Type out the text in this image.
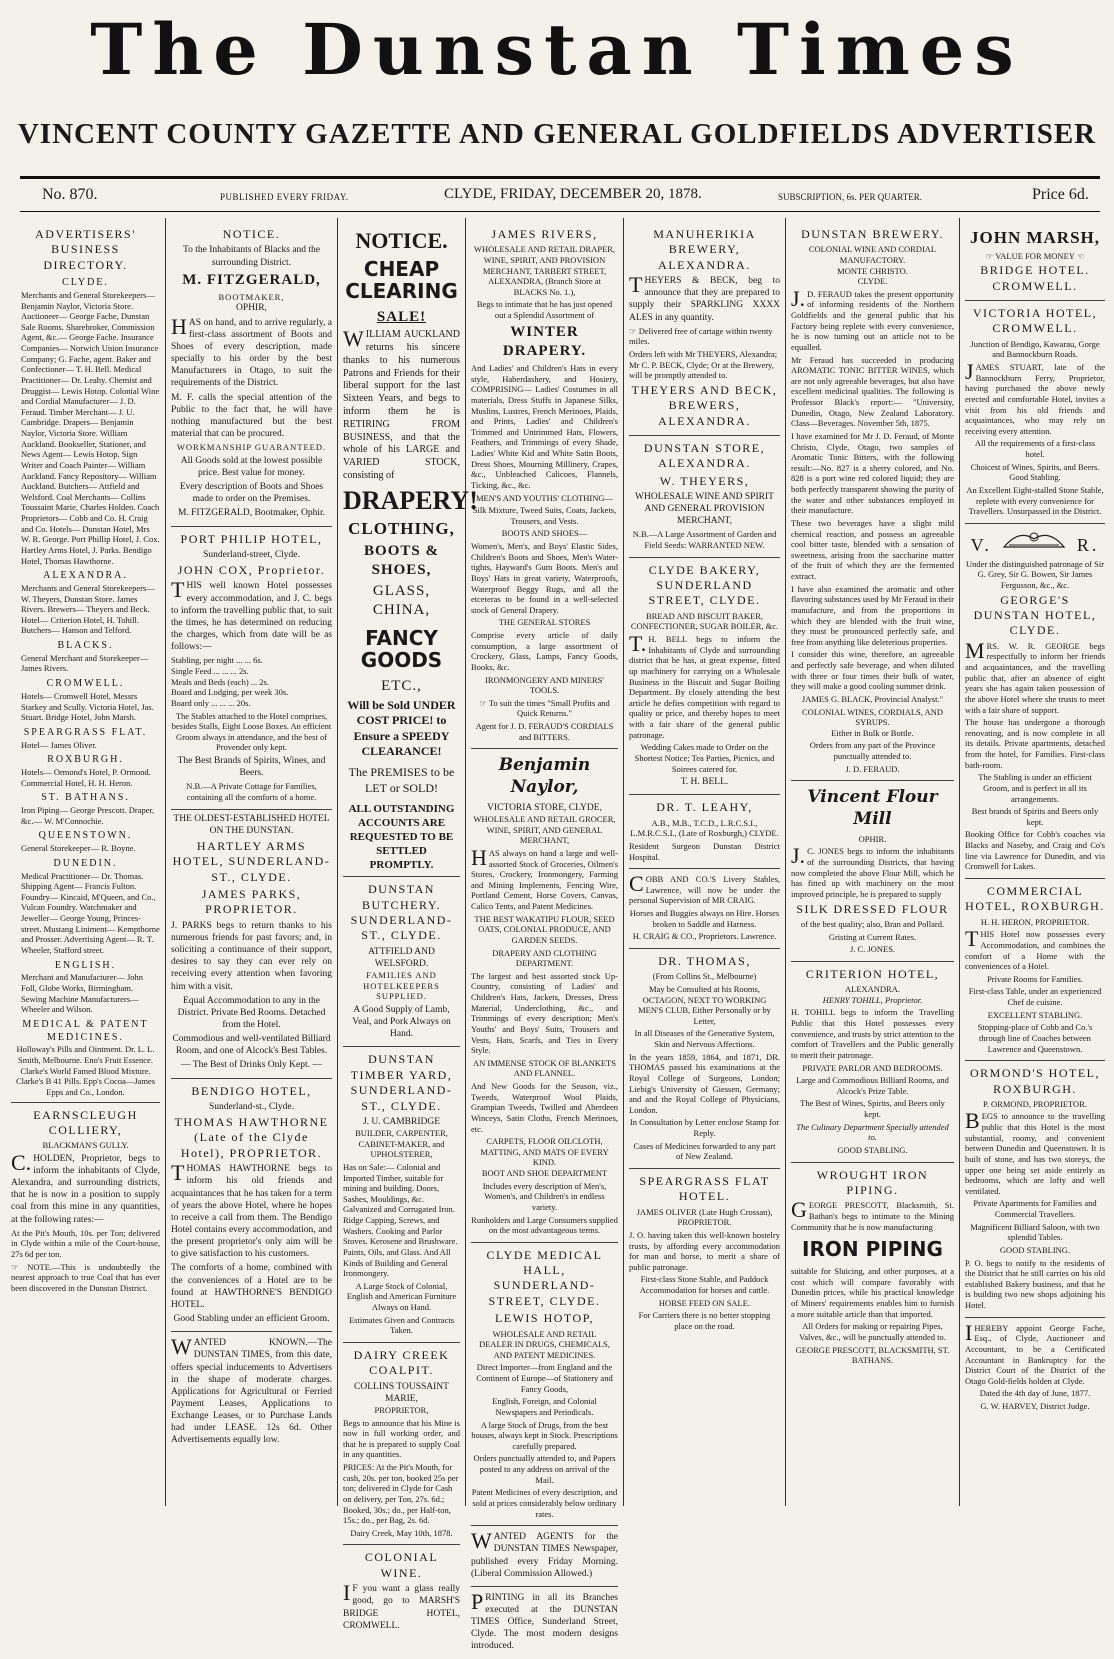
The Dunstan Times
VINCENT COUNTY GAZETTE AND GENERAL GOLDFIELDS ADVERTISER
No. 870.	PUBLISHED EVERY FRIDAY.	CLYDE, FRIDAY, DECEMBER 20, 1878.	SUBSCRIPTION, 6s. PER QUARTER.	Price 6d.
ADVERTISERS' BUSINESS DIRECTORY.
CLYDE.
Merchants and General Storekeepers— Benjamin Naylor, Victoria Store. Auctioneer— George Fache, Dunstan Sale Rooms. Sharebroker, Commission Agent, &c.— George Fache. Insurance Companies— Norwich Union Insurance Company; G. Fache, agent. Baker and Confectioner— T. H. Bell. Medical Practitioner— Dr. Leahy. Chemist and Druggist— Lewis Hotop. Colonial Wine and Cordial Manufacturer— J. D. Feraud. Timber Merchant— J. U. Cambridge. Drapers— Benjamin Naylor, Victoria Store. William Auckland. Bookseller, Stationer, and News Agent— Lewis Hotop. Sign Writer and Coach Painter— William Auckland. Fancy Repository— William Auckland. Butchers— Attfield and Welsford. Coal Merchants— Collins Toussaint Marie, Charles Holden. Coach Proprietors— Cobb and Co. H. Craig and Co. Hotels— Dunstan Hotel, Mrs W. R. George. Port Phillip Hotel, J. Cox. Hartley Arms Hotel, J. Parks. Bendigo Hotel, Thomas Hawthorne.
ALEXANDRA.
Merchants and General Storekeepers— W. Theyers, Dunstan Store. James Rivers. Brewers— Theyers and Beck. Hotel— Criterion Hotel, H. Tohill. Butchers— Hanson and Telford.
BLACKS.
General Merchant and Storekeeper— James Rivers.
CROMWELL.
Hotels— Cromwell Hotel, Messrs Starkey and Scully. Victoria Hotel, Jas. Stuart. Bridge Hotel, John Marsh.
SPEARGRASS FLAT.
Hotel— James Oliver.
ROXBURGH.
Hotels— Ormond's Hotel, P. Ormond. Commercial Hotel, H. H. Heron.
ST. BATHANS.
Iron Piping— George Prescott. Draper, &c.— W. M'Connochie.
QUEENSTOWN.
General Storekeeper— R. Boyne.
DUNEDIN.
Medical Practitioner— Dr. Thomas. Shipping Agent— Francis Fulton. Foundry— Kincaid, M'Queen, and Co., Vulcan Foundry. Watchmaker and Jeweller— George Young, Princes-street. Mustang Liniment— Kempthorne and Prosser. Advertising Agent— R. T. Wheeler, Stafford street.
ENGLISH.
Merchant and Manufacturer— John Foll, Globe Works, Birmingham. Sewing Machine Manufacturers— Wheeler and Wilson.
MEDICAL & PATENT MEDICINES.
Holloway's Pills and Ointment. Dr. L. L. Smith, Melbourne. Eno's Fruit Essence. Clarke's World Famed Blood Mixture. Clarke's B 41 Pills. Epp's Cocoa—James Epps and Co., London.
EARNSCLEUGH COLLIERY,
BLACKMAN'S GULLY.

C.HOLDEN, Proprietor, begs to inform the inhabitants of Clyde, Alexandra, and surrounding districts, that he is now in a position to supply coal from this mine in any quantities, at the following rates:—

At the Pit's Mouth, 10s. per Ton; delivered in Clyde within a mile of the Court-house, 27s 6d per ton.

☞ NOTE.—This is undoubtedly the nearest approach to true Coal that has ever been discovered in the Dunstan District.

NOTICE.
To the Inhabitants of Blacks and the surrounding District.
M. FITZGERALD,
BOOTMAKER,
OPHIR,

HAS on hand, and to arrive regularly, a first-class assortment of Boots and Shoes of every description, made specially to his order by the best Manufacturers in Otago, to suit the requirements of the District.

M. F. calls the special attention of the Public to the fact that, he will have nothing manufactured but the best material that can be procured.

WORKMANSHIP GUARANTEED.

All Goods sold at the lowest possible price. Best value for money.

Every description of Boots and Shoes made to order on the Premises.

M. FITZGERALD, Bootmaker, Ophir.

PORT PHILIP HOTEL,
Sunderland-street, Clyde.
JOHN COX, Proprietor.

THIS well known Hotel possesses every accommodation, and J. C. begs to inform the travelling public that, to suit the times, he has determined on reducing the charges, which from date will be as follows:—

Stabling, per night ... ... 6s.
Single Feed ... ... ... 2s.
Meals and Beds (each) ... 2s.
Board and Lodging, per week 30s.
Board only ... ... ... 20s.

The Stables attached to the Hotel comprises, besides Stalls, Eight Loose Boxes. An efficient Groom always in attendance, and the best of Provender only kept.

The Best Brands of Spirits, Wines, and Beers.

N.B.—A Private Cottage for Families, containing all the comforts of a home.

THE OLDEST-ESTABLISHED HOTEL ON THE DUNSTAN.
HARTLEY ARMS HOTEL, SUNDERLAND-ST., CLYDE.
JAMES PARKS, PROPRIETOR.

J. PARKS begs to return thanks to his numerous friends for past favors; and, in soliciting a continuance of their support, desires to say they can ever rely on receiving every attention when favoring him with a visit.

Equal Accommodation to any in the District. Private Bed Rooms. Detached from the Hotel.

Commodious and well-ventilated Billiard Room, and one of Alcock's Best Tables.

— The Best of Drinks Only Kept. —

BENDIGO HOTEL,
Sunderland-st., Clyde.
THOMAS HAWTHORNE (Late of the Clyde Hotel), PROPRIETOR.

THOMAS HAWTHORNE begs to inform his old friends and acquaintances that he has taken for a term of years the above Hotel, where he hopes to receive a call from them. The Bendigo Hotel contains every accommodation, and the present proprietor's only aim will be to give satisfaction to his customers.

The comforts of a home, combined with the conveniences of a Hotel are to be found at HAWTHORNE'S BENDIGO HOTEL.

Good Stabling under an efficient Groom.

WANTED KNOWN.—The DUNSTAN TIMES, from this date, offers special inducements to Advertisers in the shape of moderate charges. Applications for Agricultural or Ferried Payment Leases, Applications to Exchange Leases, or to Purchase Lands had under LEASE. 12s 6d. Other Advertisements equally low.

NOTICE.
CHEAP CLEARING
SALE!

WILLIAM AUCKLAND returns his sincere thanks to his numerous Patrons and Friends for their liberal support for the last Sixteen Years, and begs to inform them he is RETIRING FROM BUSINESS, and that the whole of his LARGE and VARIED STOCK, consisting of

DRAPERY!
CLOTHING,
BOOTS & SHOES,
GLASS, CHINA,
FANCY GOODS
ETC.,
Will be Sold UNDER COST PRICE! to Ensure a SPEEDY CLEARANCE!
The PREMISES to be LET or SOLD!
ALL OUTSTANDING ACCOUNTS ARE REQUESTED TO BE SETTLED PROMPTLY.
DUNSTAN BUTCHERY. SUNDERLAND-ST., CLYDE.
ATTFIELD AND WELSFORD.
FAMILIES AND HOTELKEEPERS SUPPLIED.

A Good Supply of Lamb, Veal, and Pork Always on Hand.

DUNSTAN TIMBER YARD, SUNDERLAND-ST., CLYDE.
J. U. CAMBRIDGE
BUILDER, CARPENTER, CABINET-MAKER, and UPHOLSTERER,

Has on Sale:— Colonial and Imported Timber, suitable for mining and building. Doors, Sashes, Mouldings, &c. Galvanized and Corrugated Iron. Ridge Capping, Screws, and Washers. Cooking and Parlor Stoves. Kerosene and Brushware. Paints, Oils, and Glass. And All Kinds of Building and General Ironmongery.

A Large Stock of Colonial, English and American Furniture Always on Hand.

Estimates Given and Contracts Taken.

DAIRY CREEK COALPIT.
COLLINS TOUSSAINT MARIE,
PROPRIETOR,

Begs to announce that his Mine is now in full working order, and that he is prepared to supply Coal in any quantities.

PRICES: At the Pit's Mouth, for cash, 20s. per ton, booked 25s per ton; delivered in Clyde for Cash on delivery, per Ton, 27s. 6d.; Booked, 30s.; do., per Half-ton, 15s.; do., per Bag, 2s. 6d.

Dairy Creek, May 10th, 1878.

COLONIAL WINE.

IF you want a glass really good, go to MARSH'S BRIDGE HOTEL, CROMWELL.

JAMES RIVERS,
WHOLESALE AND RETAIL DRAPER, WINE, SPIRIT, AND PROVISION MERCHANT, TARBERT STREET, ALEXANDRA, (Branch Store at BLACKS No. 1.),

Begs to intimate that he has just opened out a Splendid Assortment of

WINTER DRAPERY.

And Ladies' and Children's Hats in every style, Haberdashery, and Hosiery, COMPRISING— Ladies' Costumes in all materials, Dress Stuffs in Japanese Silks, Muslins, Lustres, French Merinoes, Plaids, and Prints, Ladies' and Children's Trimmed and Untrimmed Hats, Flowers, Feathers, and Trimmings of every Shade, Ladies' White Kid and White Satin Boots, Dress Shoes, Mourning Millinery, Crapes, &c., Unbleached Calicoes, Flannels, Ticking, &c., &c.

MEN'S AND YOUTHS' CLOTHING—

Silk Mixture, Tweed Suits, Coats, Jackets, Trousers, and Vests.

BOOTS AND SHOES—

Women's, Men's, and Boys' Elastic Sides, Children's Boots and Shoes, Men's Water-tights, Hayward's Gum Boots. Men's and Boys' Hats in great variety, Waterproofs, Waterproof Beggy Rugs, and all the etceteras to be found in a well-selected stock of General Drapery.

THE GENERAL STORES

Comprise every article of daily consumption, a large assortment of Crockery, Glass, Lamps, Fancy Goods, Books, &c.

IRONMONGERY AND MINERS' TOOLS.

☞ To suit the times "Small Profits and Quick Returns."

Agent for J. D. FERAUD'S CORDIALS and BITTERS.

Benjamin Naylor,
VICTORIA STORE, CLYDE,
WHOLESALE AND RETAIL GROCER, WINE, SPIRIT, AND GENERAL MERCHANT,

HAS always on hand a large and well-assorted Stock of Groceries, Oilmen's Stores, Crockery, Ironmongery, Farming and Mining Implements, Fencing Wire, Portland Cement, Horse Covers, Canvas, Calico Tents, and Patent Medicines.

THE BEST WAKATIPU FLOUR, SEED OATS, COLONIAL PRODUCE, AND GARDEN SEEDS.

DRAPERY AND CLOTHING DEPARTMENT.

The largest and best assorted stock Up-Country, consisting of Ladies' and Children's Hats, Jackets, Dresses, Dress Material, Underclothing, &c., and Trimmings of every description; Men's Youths' and Boys' Suits, Trousers and Vests, Hats, Scarfs, and Ties in Every Style.

AN IMMENSE STOCK OF BLANKETS AND FLANNEL.

And New Goods for the Season, viz., Tweeds, Waterproof Wool Plaids, Grampian Tweeds, Twilled and Aberdeen Winceys, Satin Cloths, French Merinoes, etc.

CARPETS, FLOOR OILCLOTH, MATTING, AND MATS OF EVERY KIND.
BOOT AND SHOE DEPARTMENT

Includes every description of Men's, Women's, and Children's in endless variety.

Runholders and Large Consumers supplied on the most advantageous terms.

CLYDE MEDICAL HALL, SUNDERLAND-STREET, CLYDE.
LEWIS HOTOP,
WHOLESALE AND RETAIL
DEALER IN DRUGS, CHEMICALS, AND PATENT MEDICINES.

Direct Importer—from England and the Continent of Europe—of Stationery and Fancy Goods,

English, Foreign, and Colonial Newspapers and Periodicals.

A large Stock of Drugs, from the best houses, always kept in Stock. Prescriptions carefully prepared.

Orders punctually attended to, and Papers posted to any address on arrival of the Mail.

Patent Medicines of every description, and sold at prices considerably below ordinary rates.

WANTED AGENTS for the DUNSTAN TIMES Newspaper, published every Friday Morning. (Liberal Commission Allowed.)

PRINTING in all its Branches executed at the DUNSTAN TIMES Office, Sunderland Street, Clyde. The most modern designs introduced.

MANUHERIKIA BREWERY, ALEXANDRA.

THEYERS & BECK, beg to announce that they are prepared to supply their SPARKLING XXXX ALES in any quantity.

☞ Delivered free of cartage within twenty miles.

Orders left with Mr THEYERS, Alexandra; Mr C. P. BECK, Clyde; Or at the Brewery, will be promptly attended to.

THEYERS AND BECK, BREWERS, ALEXANDRA.
DUNSTAN STORE, ALEXANDRA.
W. THEYERS,
WHOLESALE WINE AND SPIRIT AND GENERAL PROVISION MERCHANT,

N.B.—A Large Assortment of Garden and Field Seeds: WARRANTED NEW.

CLYDE BAKERY, SUNDERLAND STREET, CLYDE.
BREAD AND BISCUIT BAKER, CONFECTIONER, SUGAR BOILER, &c.

T.H. BELL begs to inform the Inhabitants of Clyde and surrounding district that he has, at great expense, fitted up machinery for carrying on a Wholesale Business in the Biscuit and Sugar Boiling Department. By closely attending the best article he defies competition with regard to quality or price, and thereby hopes to meet with a fair share of the general public patronage.

Wedding Cakes made to Order on the Shortest Notice; Tea Parties, Picnics, and Soirees catered for.

T. H. BELL.

DR. T. LEAHY,
A.B., M.B., T.C.D., L.R.C.S.I., L.M.R.C.S.I., (Late of Roxburgh,) CLYDE.

Resident Surgeon Dunstan District Hospital.

COBB AND CO.'S Livery Stables, Lawrence, will now be under the personal Supervision of MR CRAIG.

Horses and Buggies always on Hire. Horses broken to Saddle and Harness.

H. CRAIG & CO., Proprietors. Lawrence.

DR. THOMAS,
(From Collins St., Melbourne)

May be Consulted at his Rooms, OCTAGON, NEXT TO WORKING MEN'S CLUB, Either Personally or by Letter,

In all Diseases of the Generative System, Skin and Nervous Affections.

In the years 1859, 1864, and 1871, DR. THOMAS passed his examinations at the Royal College of Surgeons, London; Liebig's University of Giessen, Germany; and and the Royal College of Physicians, London.

In Consultation by Letter enclose Stamp for Reply.

Cases of Medicines forwarded to any part of New Zealand.

SPEARGRASS FLAT HOTEL.
JAMES OLIVER (Late Hugh Crossan), PROPRIETOR.

J. O. having taken this well-known hostelry trusts, by affording every accommodation for man and horse, to merit a share of public patronage.

First-class Stone Stable, and Paddock Accommodation for horses and cattle.

HORSE FEED ON SALE.

For Carriers there is no better stopping place on the road.

DUNSTAN BREWERY.
COLONIAL WINE AND CORDIAL MANUFACTORY.
MONTE CHRISTO.
CLYDE.

J.D. FERAUD takes the present opportunity of informing residents of the Northern Goldfields and the general public that his Factory being replete with every convenience, he is now turning out an article not to be equalled.

Mr Feraud has succeeded in producing AROMATIC TONIC BITTER WINES, which are not only agreeable beverages, but also have excellent medicinal qualities. The following is Professor Black's report:— "University, Dunedin, Otago, New Zealand Laboratory. Class—Beverages. November 5th, 1875.

I have examined for Mr J. D. Feraud, of Monte Christo, Clyde, Otago, two samples of Aromatic Tonic Bitters, with the following result:—No. 827 is a sherry colored, and No. 828 is a port wine red colored liquid; they are both perfectly transparent showing the purity of the water and other substances employed in their manufacture.

These two beverages have a slight mild chemical reaction, and possess an agreeable cool bitter taste, blended with a sensation of sweetness, arising from the saccharine matter of the fruit of which they are the fermented extract.

I have also examined the aromatic and other flavoring substances used by Mr Feraud in their manufacture, and from the proportions in which they are blended with the fruit wine, they must be pronounced perfectly safe, and free from anything like deleterious properties.

I consider this wine, therefore, an agreeable and perfectly safe beverage, and when diluted with three or four times their bulk of water, they will make a good cooling summer drink.

JAMES G. BLACK, Provincial Analyst."

COLONIAL WINES, CORDIALS, AND SYRUPS.
Either in Bulk or Bottle.

Orders from any part of the Province punctually attended to.

J. D. FERAUD.

Vincent Flour Mill
OPHIR.

J.C. JONES begs to inform the inhabitants of the surrounding Districts, that having now completed the above Flour Mill, which he has fitted up with machinery on the most improved principle, he is prepared to supply

SILK DRESSED FLOUR

of the best quality; also, Bran and Pollard.

Gristing at Current Rates.

J. C. JONES.

CRITERION HOTEL,
ALEXANDRA.
HENRY TOHILL, Proprietor.

H. TOHILL begs to inform the Travelling Public that this Hotel possesses every convenience, and trusts by strict attention to the comfort of Travellers and the Public generally to merit their patronage.

PRIVATE PARLOR AND BEDROOMS.

Large and Commodious Billiard Rooms, and Alcock's Prize Table.

The Best of Wines, Spirits, and Beers only kept.

The Culinary Department Specially attended to.

GOOD STABLING.

WROUGHT IRON PIPING.

GEORGE PRESCOTT, Blacksmith, St. Bathan's begs to intimate to the Mining Community that he is now manufacturing

IRON PIPING

suitable for Sluicing, and other purposes, at a cost which will compare favorably with Dunedin prices, while his practical knowledge of Miners' requirements enables him to furnish a more suitable article than that imported.

All Orders for making or repairing Pipes, Valves, &c., will be punctually attended to.

GEORGE PRESCOTT, BLACKSMITH, ST. BATHANS.

JOHN MARSH,
☞ VALUE FOR MONEY ☜
BRIDGE HOTEL. CROMWELL.
VICTORIA HOTEL, CROMWELL.

Junction of Bendigo, Kawarau, Gorge and Bannockburn Roads.

JAMES STUART, late of the Bannockburn Ferry, Proprietor, having purchased the above newly erected and comfortable Hotel, invites a visit from his old friends and acquaintances, who may rely on receiving every attention.

All the requirements of a first-class hotel.

Choicest of Wines, Spirits, and Beers. Good Stabling.

An Excellent Eight-stalled Stone Stable, replete with every convenience for Travellers. Unsurpassed in the District.

V.	R.

Under the distinguished patronage of Sir G. Grey, Sir G. Bowen, Sir James Fergusson, &c., &c.

GEORGE'S DUNSTAN HOTEL, CLYDE.

MRS. W. R. GEORGE begs respectfully to inform her friends and acquaintances, and the travelling public that, after an absence of eight years she has again taken possession of the above Hotel where she trusts to meet with a fair share of support.

The house has undergone a thorough renovating, and is now complete in all its details. Private apartments, detached from the hotel, for Families. First-class bath-room.

The Stabling is under an efficient Groom, and is perfect in all its arrangements.

Best brands of Spirits and Beers only kept.

Booking Office for Cobb's coaches via Blacks and Naseby, and Craig and Co's line via Lawrence for Dunedin, and via Cromwell for Lakes.

COMMERCIAL HOTEL, ROXBURGH.
H. H. HERON, PROPRIETOR.

THIS Hotel now possesses every Accommodation, and combines the comfort of a Home with the conveniences of a Hotel.

Private Rooms for Families.

First-class Table, under an experienced Chef de cuisine.

EXCELLENT STABLING.

Stopping-place of Cobb and Co.'s through line of Coaches between Lawrence and Queenstown.

ORMOND'S HOTEL, ROXBURGH.
P. ORMOND, PROPRIETOR.

BEGS to announce to the travelling public that this Hotel is the most substantial, roomy, and convenient between Dunedin and Queenstown. It is built of stone, and has two storeys, the upper one being set aside entirely as bedrooms, which are lofty and well ventilated.

Private Apartments for Families and Commercial Travellers.

Magnificent Billiard Saloon, with two splendid Tables.

GOOD STABLING.

P. O. begs to notify to the residents of the District that he still carries on his old established Bakery business, and that he is building two new shops adjoining his Hotel.

IHEREBY appoint George Fache, Esq., of Clyde, Auctioneer and Accountant, to be a Certificated Accountant in Bankruptcy for the District Court of the District of the Otago Gold-fields holden at Clyde.

Dated the 4th day of June, 1877.

G. W. HARVEY, District Judge.
